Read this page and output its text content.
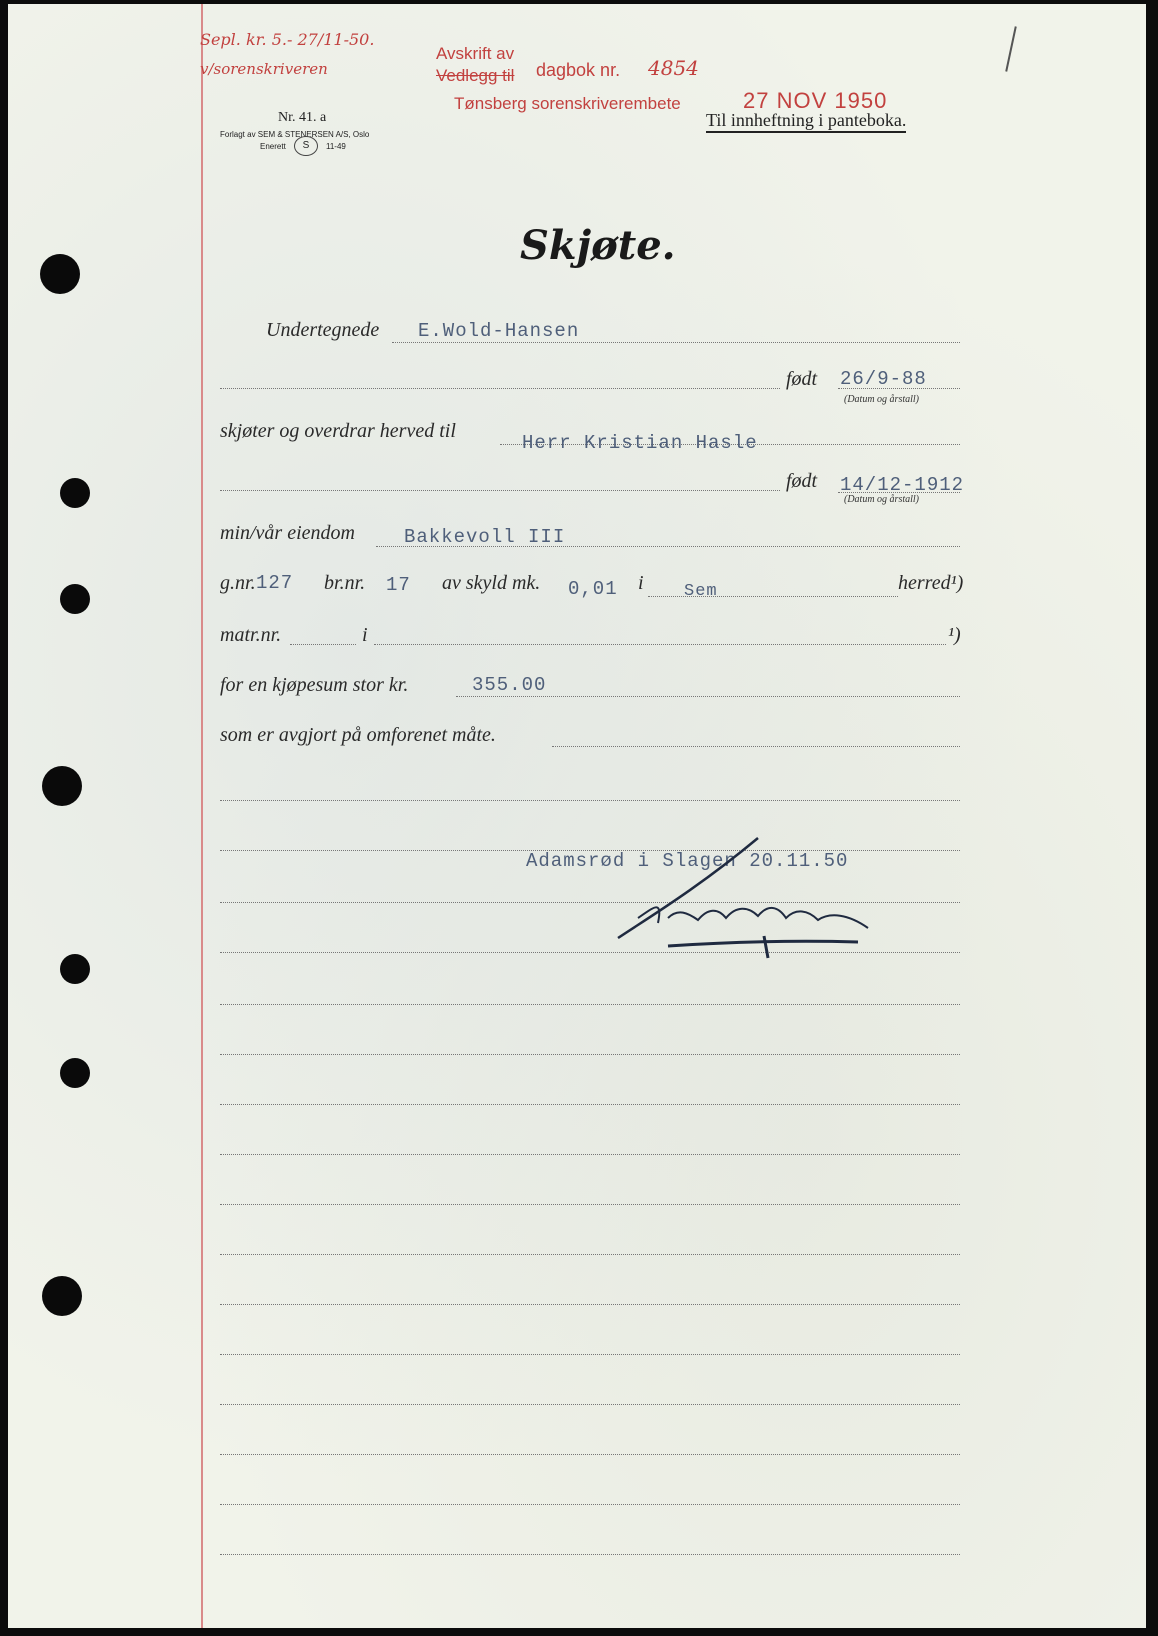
Sepl. kr. 5.- 27/11-50.
v/sorenskriveren
Nr. 41. a
Forlagt av SEM & STENERSEN A/S, Oslo
Enerett	S	11-49
Avskrift av
Vedlegg til dagbok nr. 4854
Tønsberg sorenskriverembete	27 NOV 1950
Til innheftning i panteboka.
Skjøte.
Undertegnede E.Wold-Hansen
født 26/9-88
(Datum og årstall)
skjøter og overdrar herved til
Herr Kristian Hasle
født 14/12-1912
(Datum og årstall)
min/vår eiendom	Bakkevoll III
g.nr. 127 br.nr. 17 av skyld mk. 0,01 i Sem	herred¹)
matr.nr.	i	¹)
for en kjøpesum stor kr.	355.00
som er avgjort på omforenet måte.
Adamsrød i Slagen 20.11.50
